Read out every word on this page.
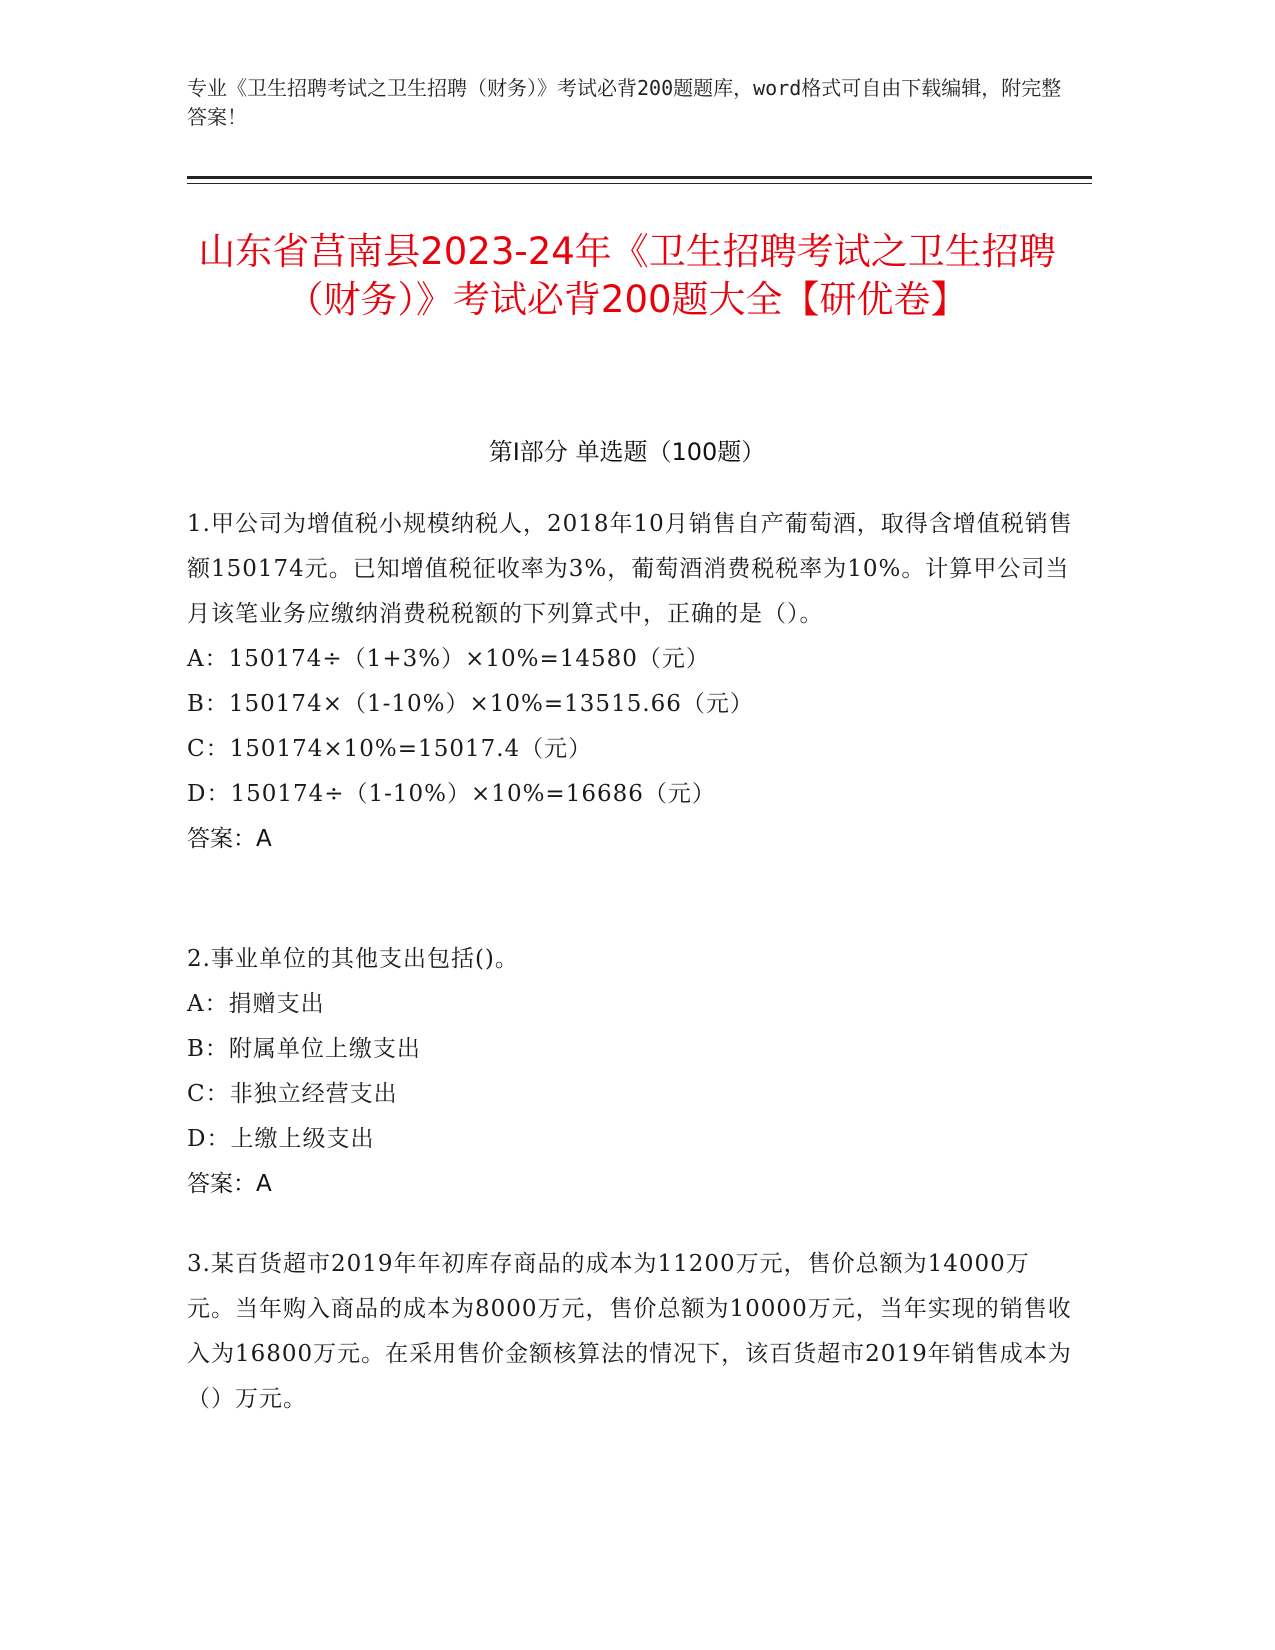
专业《卫生招聘考试之卫生招聘（财务）》考试必背200题题库，word格式可自由下载编辑，附完整答案！
山东省莒南县2023-24年《卫生招聘考试之卫生招聘（财务）》考试必背200题大全【研优卷】
第I部分 单选题（100题）

1.甲公司为增值税小规模纳税人，2018年10月销售自产葡萄酒，取得含增值税销售额150174元。已知增值税征收率为3%，葡萄酒消费税税率为10%。计算甲公司当月该笔业务应缴纳消费税税额的下列算式中，正确的是（）。

A：150174÷（1+3%）×10%=14580（元）

B：150174×（1-10%）×10%=13515.66（元）

C：150174×10%=15017.4（元）

D：150174÷（1-10%）×10%=16686（元）

答案：A

2.事业单位的其他支出包括()。

A：捐赠支出

B：附属单位上缴支出

C：非独立经营支出

D：上缴上级支出

答案：A

3.某百货超市2019年年初库存商品的成本为11200万元，售价总额为14000万元。当年购入商品的成本为8000万元，售价总额为10000万元，当年实现的销售收入为16800万元。在采用售价金额核算法的情况下，该百货超市2019年销售成本为（）万元。
